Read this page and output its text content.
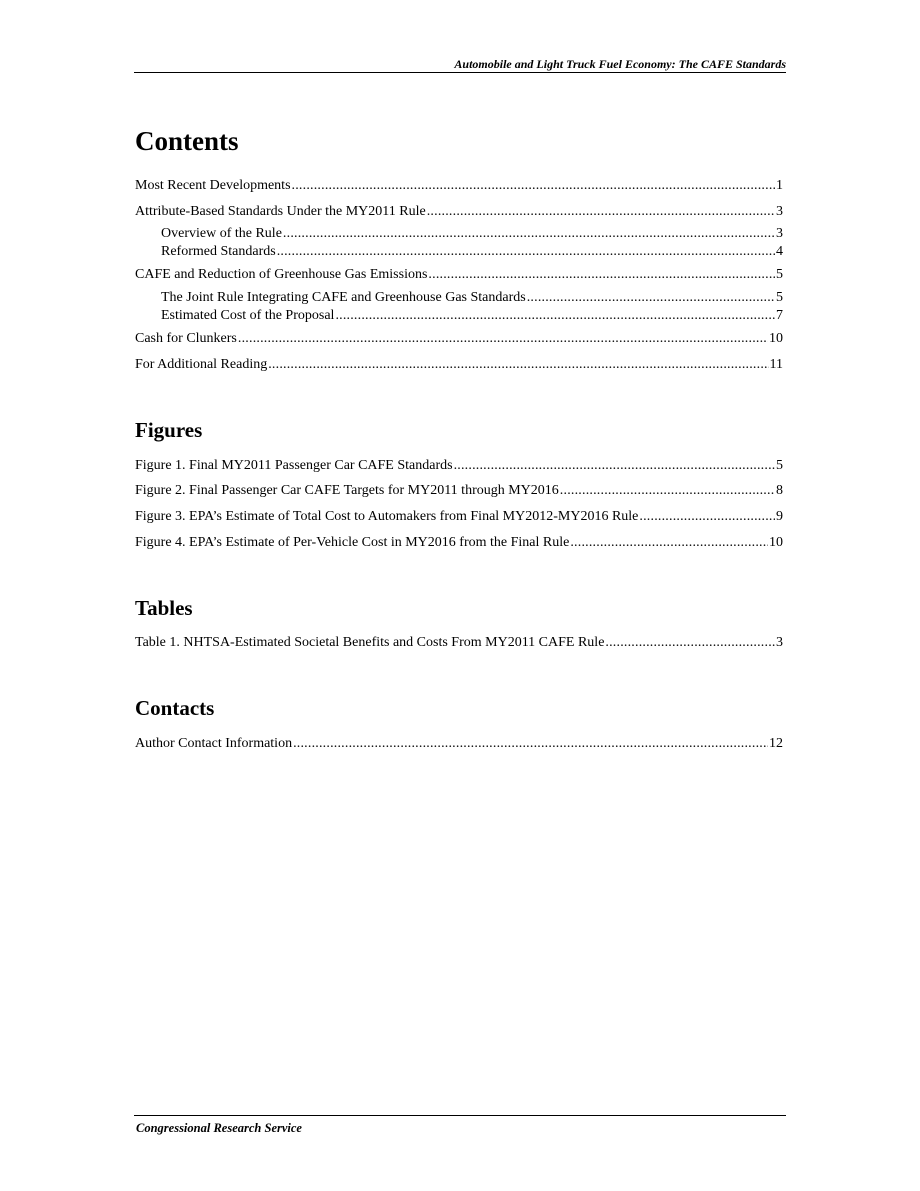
Automobile and Light Truck Fuel Economy: The CAFE Standards
Contents
Most Recent Developments .....	1
Attribute-Based Standards Under the MY2011 Rule .....	3
Overview of the Rule .....	3
Reformed Standards .....	4
CAFE and Reduction of Greenhouse Gas Emissions .....	5
The Joint Rule Integrating CAFE and Greenhouse Gas Standards .....	5
Estimated Cost of the Proposal .....	7
Cash for Clunkers .....	10
For Additional Reading .....	11
Figures
Figure 1. Final MY2011 Passenger Car CAFE Standards .....	5
Figure 2. Final Passenger Car CAFE Targets for MY2011 through MY2016 .....	8
Figure 3. EPA’s Estimate of Total Cost to Automakers from Final MY2012-MY2016 Rule .....	9
Figure 4. EPA’s Estimate of Per-Vehicle Cost in MY2016 from the Final Rule .....	10
Tables
Table 1. NHTSA-Estimated Societal Benefits and Costs From MY2011 CAFE Rule .....	3
Contacts
Author Contact Information .....	12
Congressional Research Service
